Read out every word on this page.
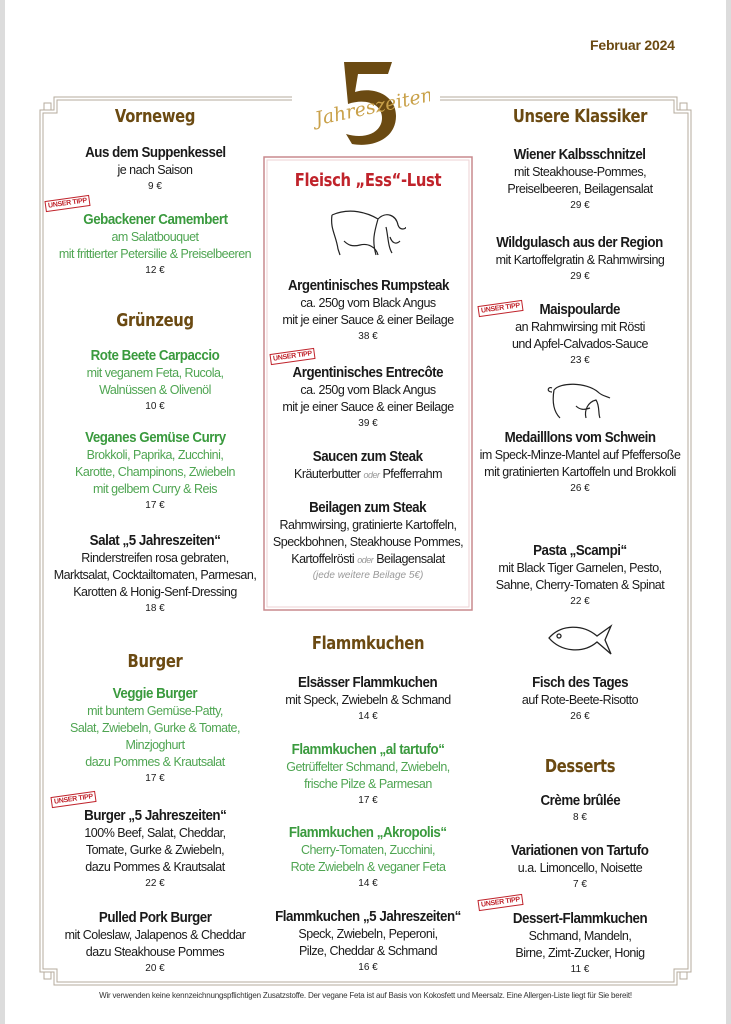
Februar 2024
Jahreszeiten
Vorneweg
Aus dem Suppenkessel
je nach Saison
9 €
Gebackener Camembert
am Salatbouquet
mit frittierter Petersilie & Preiselbeeren
12 €
UNSER TIPP
Grünzeug
Rote Beete Carpaccio
mit veganem Feta, Rucola,
Walnüssen & Olivenöl
10 €
Veganes Gemüse Curry
Brokkoli, Paprika, Zucchini,
Karotte, Champinons, Zwiebeln
mit gelbem Curry & Reis
17 €
Salat „5 Jahreszeiten“
Rinderstreifen rosa gebraten,
Marktsalat, Cocktailtomaten, Parmesan,
Karotten & Honig-Senf-Dressing
18 €
Burger
Veggie Burger
mit buntem Gemüse-Patty,
Salat, Zwiebeln, Gurke & Tomate,
Minzjoghurt
dazu Pommes & Krautsalat
17 €
Burger „5 Jahreszeiten“
100% Beef, Salat, Cheddar,
Tomate, Gurke & Zwiebeln,
dazu Pommes & Krautsalat
22 €
UNSER TIPP
Pulled Pork Burger
mit Coleslaw, Jalapenos & Cheddar
dazu Steakhouse Pommes
20 €
Fleisch „Ess“-Lust
Argentinisches Rumpsteak
ca. 250g vom Black Angus
mit je einer Sauce & einer Beilage
38 €
Argentinisches Entrecôte
ca. 250g vom Black Angus
mit je einer Sauce & einer Beilage
39 €
UNSER TIPP
Saucen zum Steak
Kräuterbutter oder Pfefferrahm
Beilagen zum Steak
Rahmwirsing, gratinierte Kartoffeln,
Speckbohnen, Steakhouse Pommes,
Kartoffelrösti oder Beilagensalat
(jede weitere Beilage 5€)
Flammkuchen
Elsässer Flammkuchen
mit Speck, Zwiebeln & Schmand
14 €
Flammkuchen „al tartufo“
Getrüffelter Schmand, Zwiebeln,
frische Pilze & Parmesan
17 €
Flammkuchen „Akropolis“
Cherry-Tomaten, Zucchini,
Rote Zwiebeln & veganer Feta
14 €
Flammkuchen „5 Jahreszeiten“
Speck, Zwiebeln, Peperoni,
Pilze, Cheddar & Schmand
16 €
Unsere Klassiker
Wiener Kalbsschnitzel
mit Steakhouse-Pommes,
Preiselbeeren, Beilagensalat
29 €
Wildgulasch aus der Region
mit Kartoffelgratin & Rahmwirsing
29 €
Maispoularde
an Rahmwirsing mit Rösti
und Apfel-Calvados-Sauce
23 €
UNSER TIPP
Medailllons vom Schwein
im Speck-Minze-Mantel auf Pfeffersoße
mit gratinierten Kartoffeln und Brokkoli
26 €
Pasta „Scampi“
mit Black Tiger Garnelen, Pesto,
Sahne, Cherry-Tomaten & Spinat
22 €
Fisch des Tages
auf Rote-Beete-Risotto
26 €
Desserts
Crème brûlée
8 €
Variationen von Tartufo
u.a. Limoncello, Noisette
7 €
Dessert-Flammkuchen
Schmand, Mandeln,
Birne, Zimt-Zucker, Honig
11 €
UNSER TIPP
Wir verwenden keine kennzeichnungspflichtigen Zusatzstoffe. Der vegane Feta ist auf Basis von Kokosfett und Meersalz. Eine Allergen-Liste liegt für Sie bereit!
